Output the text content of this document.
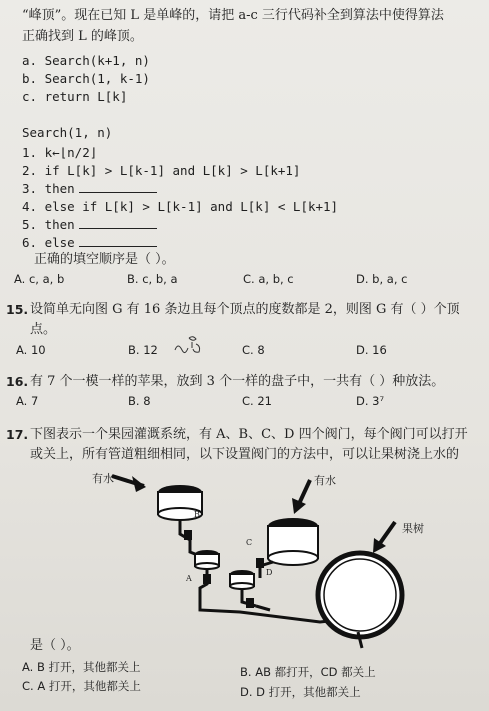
“峰顶”。现在已知 L 是单峰的，请把 a-c 三行代码补全到算法中使得算法
正确找到 L 的峰顶。
a. Search(k+1, n)
b. Search(1, k-1)
c. return L[k]
Search(1, n)
1. k←⌊n/2⌋
2. if L[k] > L[k-1] and L[k] > L[k+1]
3. then
4. else if L[k] > L[k-1] and L[k] < L[k+1]
5. then
6. else
正确的填空顺序是（ ）。
A. c, a, b	B. c, b, a	C. a, b, c	D. b, a, c
15. 设简单无向图 G 有 16 条边且每个顶点的度数都是 2，则图 G 有（ ）个顶
点。
A. 10	B. 12	C. 8	D. 16
16. 有 7 个一模一样的苹果，放到 3 个一样的盘子中，一共有（ ）种放法。
A. 7	B. 8	C. 21	D. 3⁷
17. 下图表示一个果园灌溉系统，有 A、B、C、D 四个阀门，每个阀门可以打开
或关上，所有管道粗细相同，以下设置阀门的方法中，可以让果树浇上水的
有水	有水
果树
B
A
C
D
是（ ）。
A. B 打开，其他都关上
C. A 打开，其他都关上
B. AB 都打开，CD 都关上
D. D 打开，其他都关上
